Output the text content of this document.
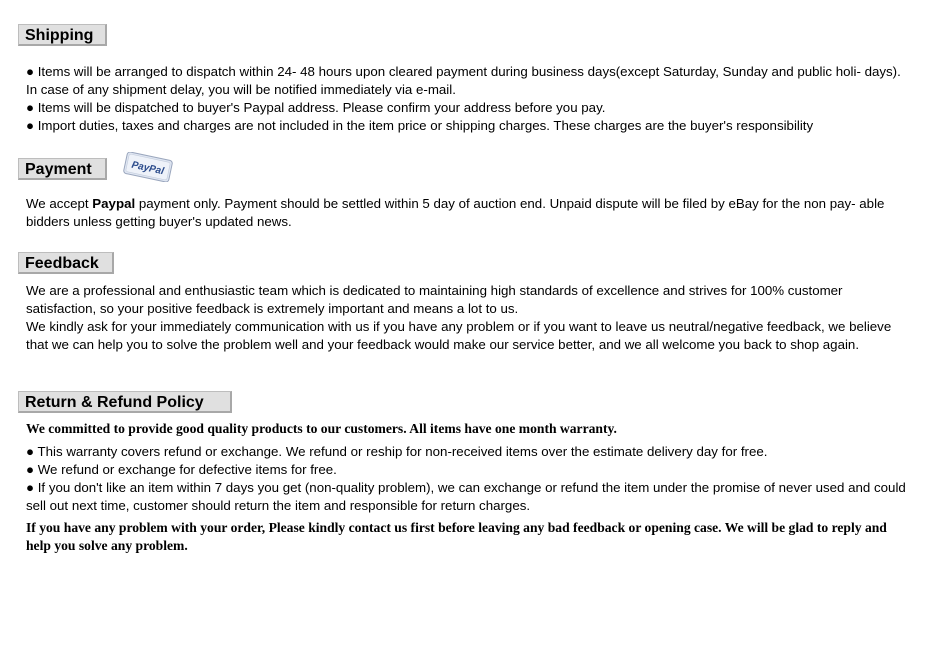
Shipping

● Items will be arranged to dispatch within 24- 48 hours upon cleared payment during business days(except Saturday, Sunday and public holi- days). In case of any shipment delay, you will be notified immediately via e-mail.

● Items will be dispatched to buyer's Paypal address. Please confirm your address before you pay.

● Import duties, taxes and charges are not included in the item price or shipping charges. These charges are the buyer's responsibility

Payment	PayPal

We accept Paypal payment only. Payment should be settled within 5 day of auction end. Unpaid dispute will be filed by eBay for the non pay- able bidders unless getting buyer's updated news.

Feedback

We are a professional and enthusiastic team which is dedicated to maintaining high standards of excellence and strives for 100% customer satisfaction, so your positive feedback is extremely important and means a lot to us.

We kindly ask for your immediately communication with us if you have any problem or if you want to leave us neutral/negative feedback, we believe that we can help you to solve the problem well and your feedback would make our service better, and we all welcome you back to shop again.

Return & Refund Policy

We committed to provide good quality products to our customers. All items have one month warranty.

● This warranty covers refund or exchange. We refund or reship for non-received items over the estimate delivery day for free.

● We refund or exchange for defective items for free.

● If you don't like an item within 7 days you get (non-quality problem), we can exchange or refund the item under the promise of never used and could sell out next time, customer should return the item and responsible for return charges.

If you have any problem with your order, Please kindly contact us first before leaving any bad feedback or opening case. We will be glad to reply and help you solve any problem.
